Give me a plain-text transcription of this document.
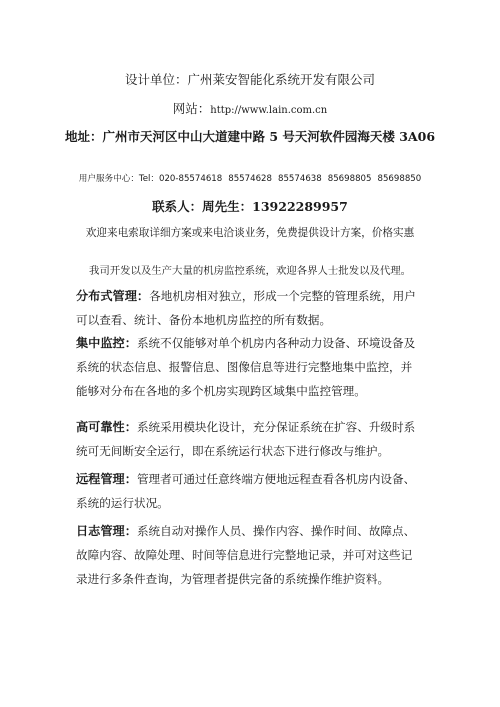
设计单位：广州莱安智能化系统开发有限公司
网站：http://www.lain.com.cn
地址：广州市天河区中山大道建中路 5 号天河软件园海天楼 3A06
用户服务中心：Tel：020-85574618 85574628 85574638 85698805 85698850
联系人：周先生：13922289957
欢迎来电索取详细方案或来电洽谈业务，免费提供设计方案，价格实惠
我司开发以及生产大量的机房监控系统，欢迎各界人士批发以及代理。
分布式管理：各地机房相对独立，形成一个完整的管理系统，用户
可以查看、统计、备份本地机房监控的所有数据。
集中监控：系统不仅能够对单个机房内各种动力设备、环境设备及
系统的状态信息、报警信息、图像信息等进行完整地集中监控，并
能够对分布在各地的多个机房实现跨区域集中监控管理。
高可靠性：系统采用模块化设计，充分保证系统在扩容、升级时系
统可无间断安全运行，即在系统运行状态下进行修改与维护。
远程管理：管理者可通过任意终端方便地远程查看各机房内设备、
系统的运行状况。
日志管理：系统自动对操作人员、操作内容、操作时间、故障点、
故障内容、故障处理、时间等信息进行完整地记录，并可对这些记
录进行多条件查询，为管理者提供完备的系统操作维护资料。
